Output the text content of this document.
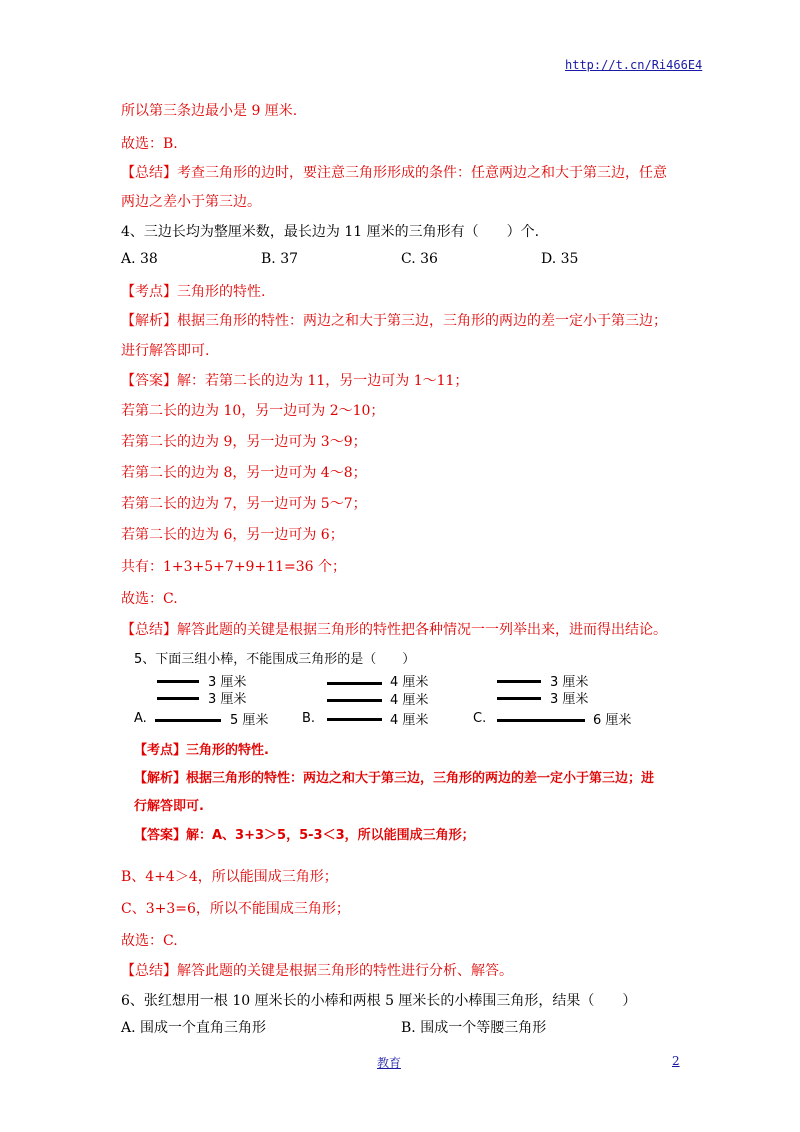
http://t.cn/Ri466E4
所以第三条边最小是 9 厘米.
故选：B.
【总结】考查三角形的边时，要注意三角形形成的条件：任意两边之和大于第三边，任意
两边之差小于第三边。
4、三边长均为整厘米数，最长边为 11 厘米的三角形有（　　）个.
A. 38	B. 37	C. 36	D. 35
【考点】三角形的特性.
【解析】根据三角形的特性：两边之和大于第三边，三角形的两边的差一定小于第三边；
进行解答即可.
【答案】解：若第二长的边为 11，另一边可为 1～11；
若第二长的边为 10，另一边可为 2～10；
若第二长的边为 9，另一边可为 3～9；
若第二长的边为 8，另一边可为 4～8；
若第二长的边为 7，另一边可为 5～7；
若第二长的边为 6，另一边可为 6；
共有：1+3+5+7+9+11=36 个；
故选：C.
【总结】解答此题的关键是根据三角形的特性把各种情况一一列举出来，进而得出结论。
5、下面三组小棒，不能围成三角形的是（　　）
3 厘米
3 厘米
A.	5 厘米
4 厘米
4 厘米
B.	4 厘米
3 厘米
3 厘米
C.	6 厘米
【考点】三角形的特性.
【解析】根据三角形的特性：两边之和大于第三边，三角形的两边的差一定小于第三边；进
行解答即可.
【答案】解：A、3+3＞5，5-3＜3，所以能围成三角形；
B、4+4＞4，所以能围成三角形；
C、3+3=6，所以不能围成三角形；
故选：C.
【总结】解答此题的关键是根据三角形的特性进行分析、解答。
6、张红想用一根 10 厘米长的小棒和两根 5 厘米长的小棒围三角形，结果（　　）
A. 围成一个直角三角形	B. 围成一个等腰三角形
教育	2
